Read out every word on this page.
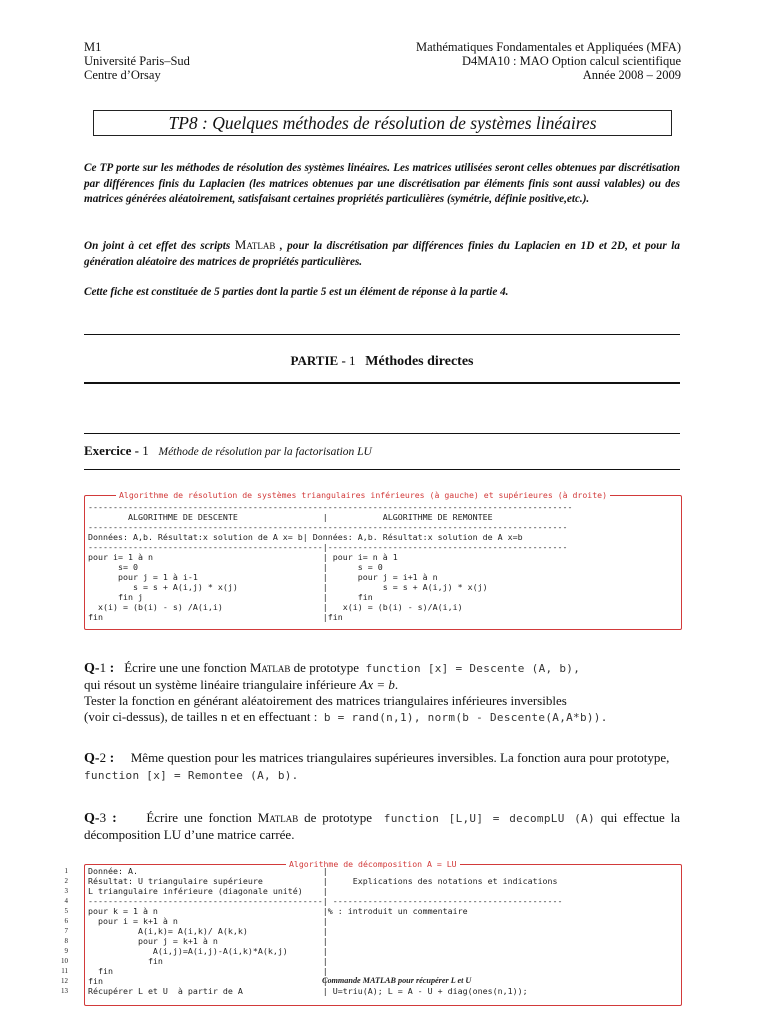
M1
Université Paris–Sud
Centre d’Orsay
Mathématiques Fondamentales et Appliquées (MFA)
D4MA10 : MAO Option calcul scientifique
Année 2008 – 2009
TP8 : Quelques méthodes de résolution de systèmes linéaires
Ce TP porte sur les méthodes de résolution des systèmes linéaires. Les matrices utilisées seront celles obtenues par discrétisation par différences finis du Laplacien (les matrices obtenues par une discrétisation par éléments finis sont aussi valables) ou des matrices générées aléatoirement, satisfaisant certaines propriétés particulières (symétrie, définie positive,etc.).
On joint à cet effet des scripts Matlab , pour la discrétisation par différences finies du Laplacien en 1D et 2D, et pour la génération aléatoire des matrices de propriétés particulières.
Cette fiche est constituée de 5 parties dont la partie 5 est un élément de réponse à la partie 4.
PARTIE - 1 Méthodes directes
Exercice - 1 Méthode de résolution par la factorisation LU
Algorithme de résolution de systèmes triangulaires inférieures (à gauche) et supérieures (à droite)
-------------------------------------------------------------------------------------------------
ALGORITHME DE DESCENTE                 |           ALGORITHME DE REMONTEE
------------------------------------------------------------------------------------------------
Données: A,b. Résultat:x solution de A x= b| Données: A,b. Résultat:x solution de A x=b
-----------------------------------------------|------------------------------------------------
pour i= 1 à n                                  | pour i= n à 1
s= 0                                     |      s = 0
pour j = 1 à i-1                         |      pour j = i+1 à n
s = s + A(i,j) * x(j)                 |           s = s + A(i,j) * x(j)
fin j                                    |      fin
x(i) = (b(i) - s) /A(i,i)                    |   x(i) = (b(i) - s)/A(i,i)
fin                                            |fin
Q-1 :   Écrire une une fonction Matlab de prototype  function [x] = Descente (A, b),
qui résout un système linéaire triangulaire inférieure Ax = b.
Tester la fonction en générant aléatoirement des matrices triangulaires inférieures inversibles
(voir ci-dessus), de tailles n et en effectuant :  b = rand(n,1), norm(b - Descente(A,A*b)).
Q-2 :     Même question pour les matrices triangulaires supérieures inversibles. La fonction aura pour prototype,
function [x] = Remontee (A, b).
Q-3 :     Écrire une fonction Matlab de prototype  function [L,U] = decompLU (A) qui effectue la décomposition LU d’une matrice carrée.
Algorithme de décomposition A = LU
1
2
3
4
5
6
7
8
9
10
11
12
13
Donnée: A.                                     |
Résultat: U triangulaire supérieure            |     Explications des notations et indications
L triangulaire inférieure (diagonale unité)    |
-----------------------------------------------| ----------------------------------------------
pour k = 1 à n                                 |% : introduit un commentaire
pour i = k+1 à n                             |
A(i,k)= A(i,k)/ A(k,k)               |
pour j = k+1 à n                     |
A(i,j)=A(i,j)-A(i,k)*A(k,j)       |
fin                                |
fin                                          |
fin                                            |
Récupérer L et U  à partir de A                | U=triu(A); L = A - U + diag(ones(n,1));
Commande MATLAB pour récupérer L et U
